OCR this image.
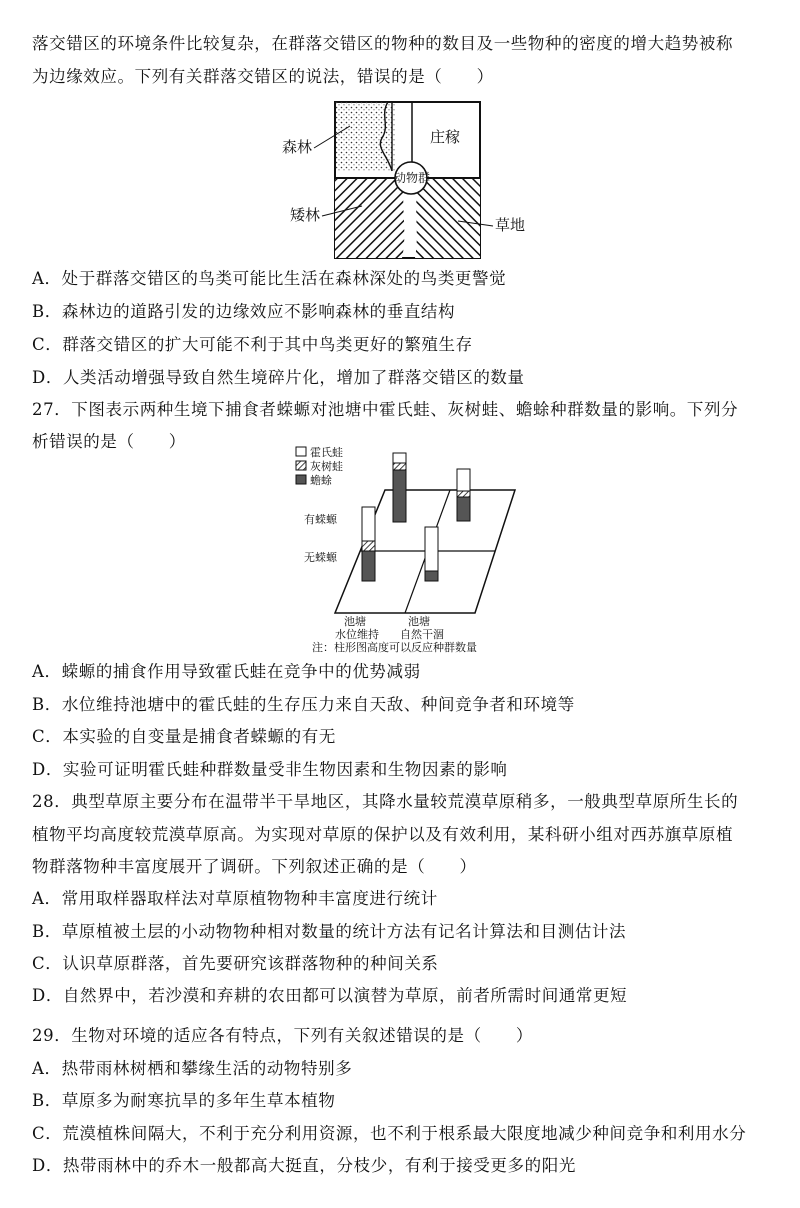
落交错区的环境条件比较复杂，在群落交错区的物种的数目及一些物种的密度的增大趋势被称
为边缘效应。下列有关群落交错区的说法，错误的是（　　）
森林
庄稼
动物群
矮林
草地
A．处于群落交错区的鸟类可能比生活在森林深处的鸟类更警觉
B．森林边的道路引发的边缘效应不影响森林的垂直结构
C．群落交错区的扩大可能不利于其中鸟类更好的繁殖生存
D．人类活动增强导致自然生境碎片化，增加了群落交错区的数量
27．下图表示两种生境下捕食者蝾螈对池塘中霍氏蛙、灰树蛙、蟾蜍种群数量的影响。下列分
析错误的是（　　）
霍氏蛙
灰树蛙
蟾蜍
有蝾螈
无蝾螈
池塘
水位维持
池塘
自然干涸
注：柱形图高度可以反应种群数量
A．蝾螈的捕食作用导致霍氏蛙在竞争中的优势减弱
B．水位维持池塘中的霍氏蛙的生存压力来自天敌、种间竞争者和环境等
C．本实验的自变量是捕食者蝾螈的有无
D．实验可证明霍氏蛙种群数量受非生物因素和生物因素的影响
28．典型草原主要分布在温带半干旱地区，其降水量较荒漠草原稍多，一般典型草原所生长的
植物平均高度较荒漠草原高。为实现对草原的保护以及有效利用，某科研小组对西苏旗草原植
物群落物种丰富度展开了调研。下列叙述正确的是（　　）
A．常用取样器取样法对草原植物物种丰富度进行统计
B．草原植被土层的小动物物种相对数量的统计方法有记名计算法和目测估计法
C．认识草原群落，首先要研究该群落物种的种间关系
D．自然界中，若沙漠和弃耕的农田都可以演替为草原，前者所需时间通常更短
29．生物对环境的适应各有特点，下列有关叙述错误的是（　　）
A．热带雨林树栖和攀缘生活的动物特别多
B．草原多为耐寒抗旱的多年生草本植物
C．荒漠植株间隔大，不利于充分利用资源，也不利于根系最大限度地减少种间竞争和利用水分
D．热带雨林中的乔木一般都高大挺直，分枝少，有利于接受更多的阳光
